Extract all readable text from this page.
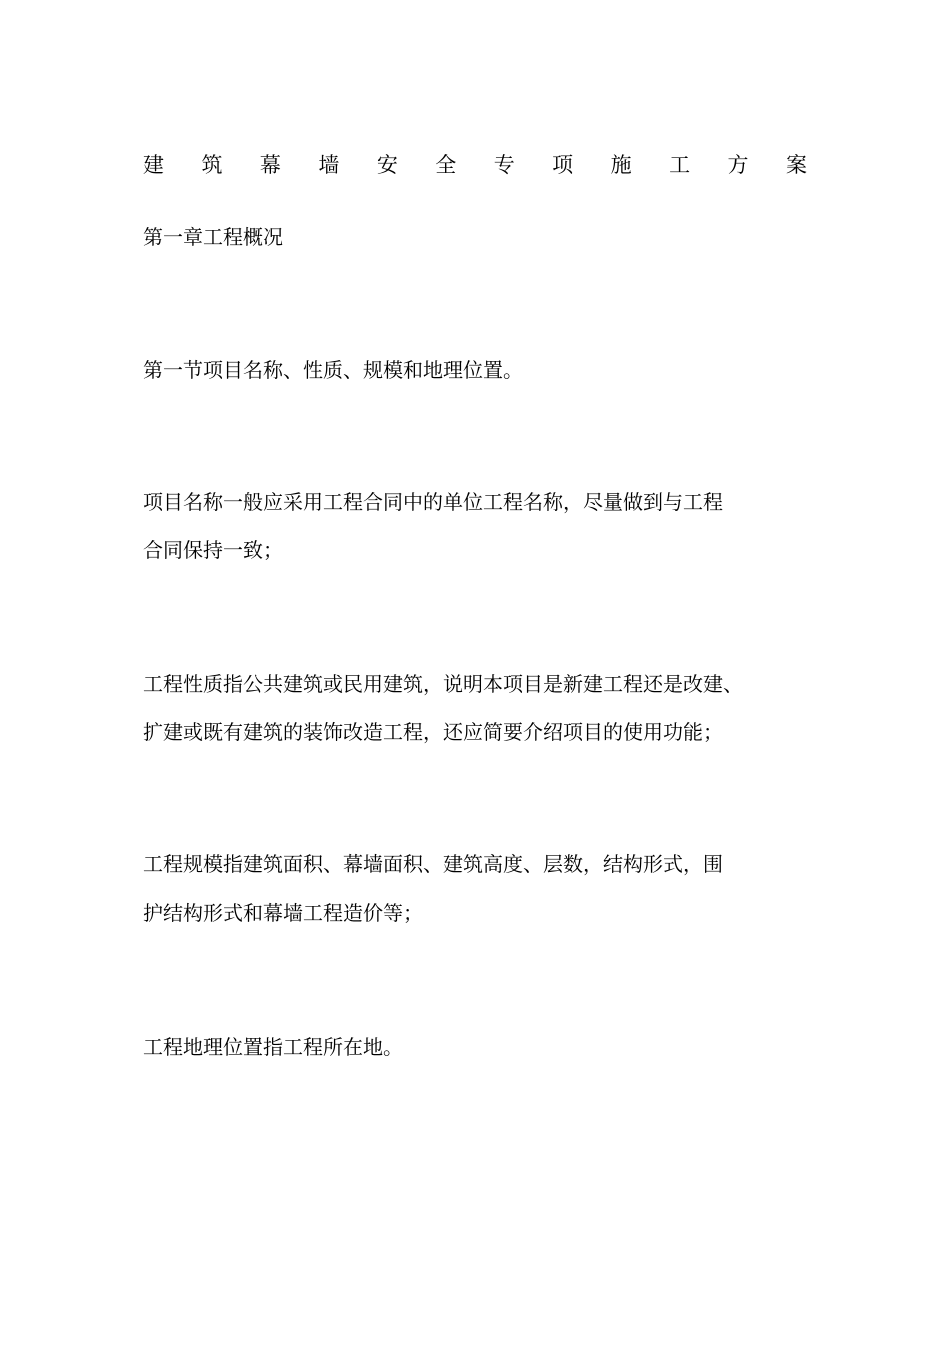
建 筑 幕 墙 安 全 专 项 施 工 方 案
第一章工程概况
第一节项目名称、性质、规模和地理位置。
项目名称一般应采用工程合同中的单位工程名称，尽量做到与工程
合同保持一致；
工程性质指公共建筑或民用建筑，说明本项目是新建工程还是改建、
扩建或既有建筑的装饰改造工程，还应简要介绍项目的使用功能；
工程规模指建筑面积、幕墙面积、建筑高度、层数，结构形式，围
护结构形式和幕墙工程造价等；
工程地理位置指工程所在地。
